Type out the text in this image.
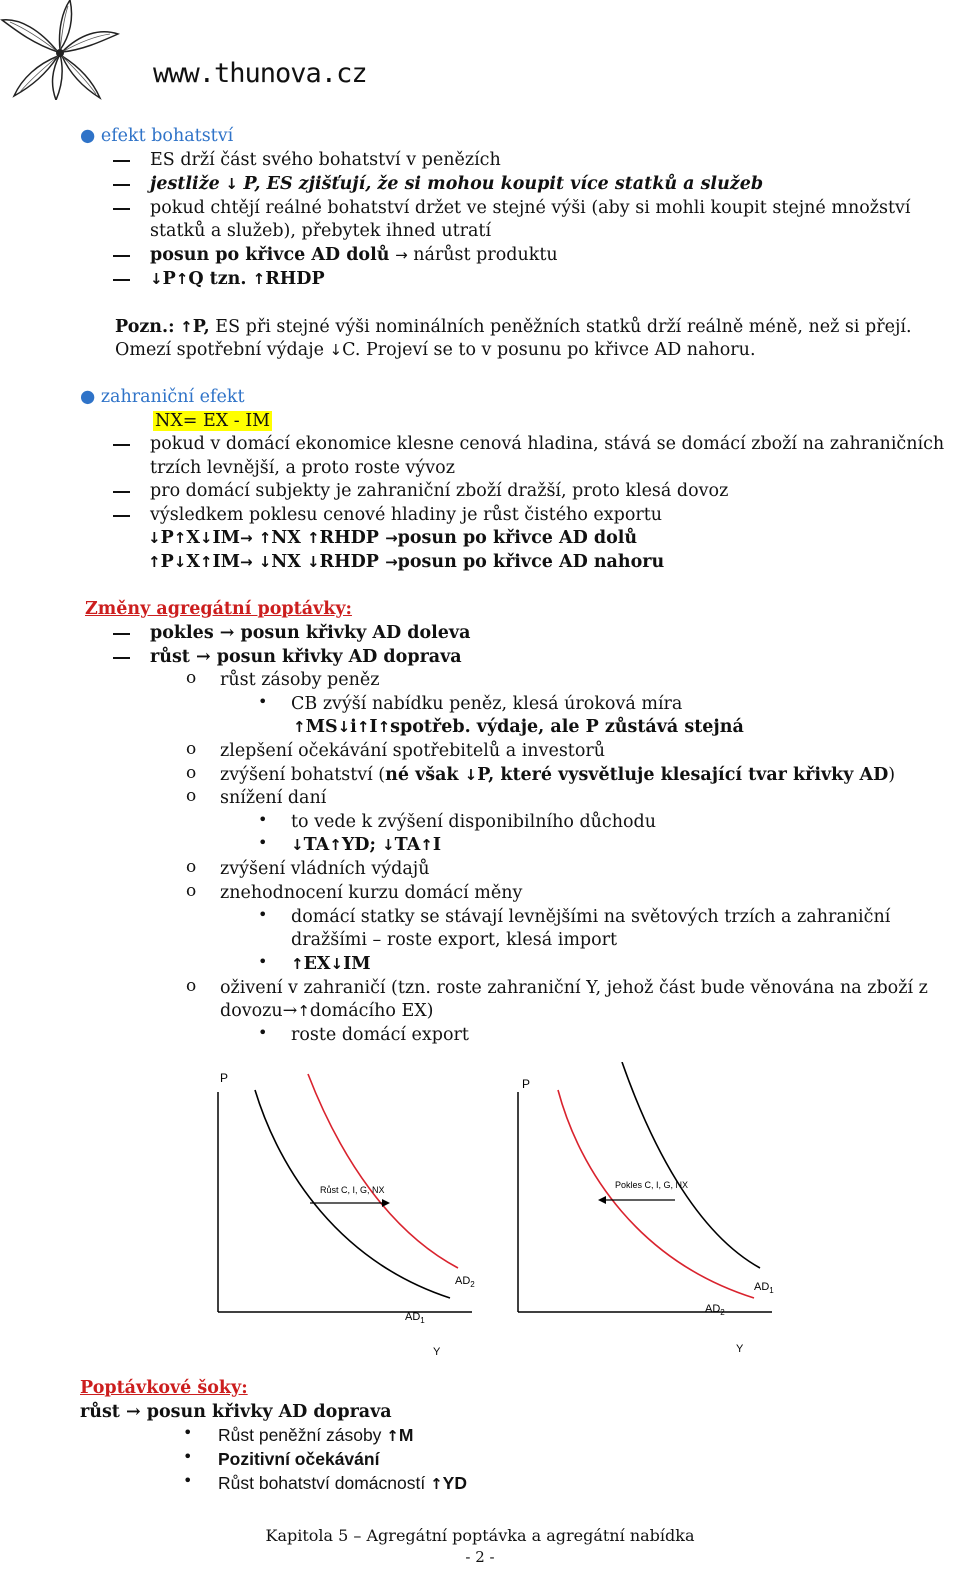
www.thunova.cz
● efekt bohatství
ES drží část svého bohatství v penězích
jestliže ↓ P, ES zjišťují, že si mohou koupit více statků a služeb
pokud chtějí reálné bohatství držet ve stejné výši (aby si mohli koupit stejné množství
statků a služeb), přebytek ihned utratí
posun po křivce AD dolů → nárůst produktu
↓P↑Q tzn. ↑RHDP
Pozn.: ↑P, ES při stejné výši nominálních peněžních statků drží reálně méně, než si přejí.
Omezí spotřební výdaje ↓C. Projeví se to v posunu po křivce AD nahoru.
● zahraniční efekt
NX= EX - IM
pokud v domácí ekonomice klesne cenová hladina, stává se domácí zboží na zahraničních
trzích levnější, a proto roste vývoz
pro domácí subjekty je zahraniční zboží dražší, proto klesá dovoz
výsledkem poklesu cenové hladiny je růst čistého exportu
↓P↑X↓IM→ ↑NX ↑RHDP →posun po křivce AD dolů
↑P↓X↑IM→ ↓NX ↓RHDP →posun po křivce AD nahoru
Změny agregátní poptávky:
pokles → posun křivky AD doleva
růst → posun křivky AD doprava
o růst zásoby peněz
• CB zvýší nabídku peněz, klesá úroková míra
↑MS↓i↑I↑spotřeb. výdaje, ale P zůstává stejná
o zlepšení očekávání spotřebitelů a investorů
o zvýšení bohatství (né však ↓P, které vysvětluje klesající tvar křivky AD)
o snížení daní
• to vede k zvýšení disponibilního důchodu
• ↓TA↑YD; ↓TA↑I
o zvýšení vládních výdajů
o znehodnocení kurzu domácí měny
• domácí statky se stávají levnějšími na světových trzích a zahraniční
dražšími – roste export, klesá import
• ↑EX↓IM
o oživení v zahraničí (tzn. roste zahraniční Y, jehož část bude věnována na zboží z
dovozu→↑domácího EX)
• roste domácí export
P
Růst C, I, G, NX
$AD_2$
$AD_1$
Y
P
Pokles C, I, G, NX
$AD_1$
$AD_2$
Y
Poptávkové šoky:
růst → posun křivky AD doprava
• Růst peněžní zásoby ↑M
• Pozitivní očekávání
• Růst bohatství domácností ↑YD
Kapitola 5 – Agregátní poptávka a agregátní nabídka
- 2 -
